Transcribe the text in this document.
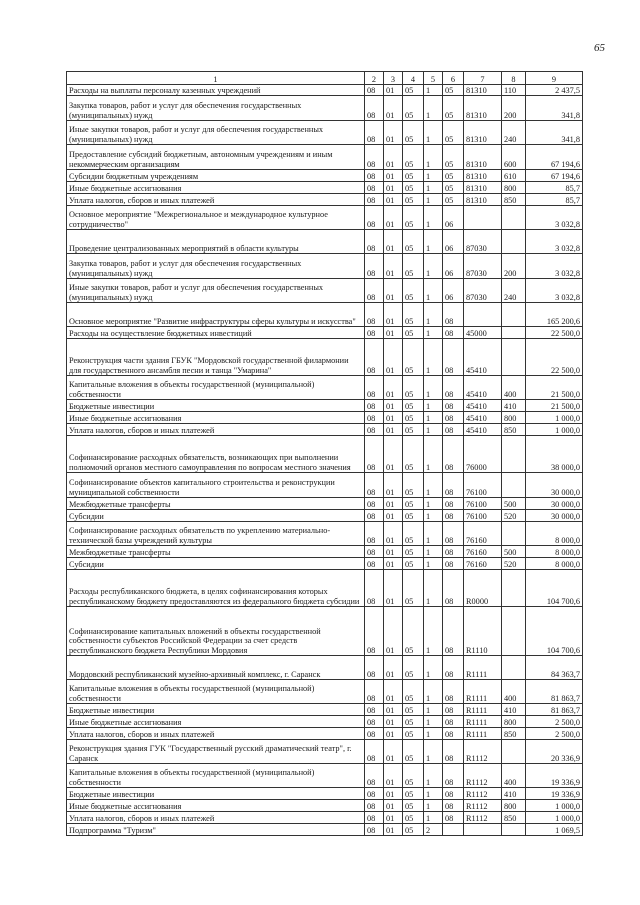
65
1	2	3	4	5	6	7	8	9
Расходы на выплаты персоналу казенных учреждений	08	01	05	1	05	81310	110	2 437,5
Закупка товаров, работ и услуг для обеспечения государственных (муниципальных) нужд	08	01	05	1	05	81310	200	341,8
Иные закупки товаров, работ и услуг для обеспечения государственных (муниципальных) нужд	08	01	05	1	05	81310	240	341,8
Предоставление субсидий бюджетным, автономным учреждениям и иным некоммерческим организациям	08	01	05	1	05	81310	600	67 194,6
Субсидии бюджетным учреждениям	08	01	05	1	05	81310	610	67 194,6
Иные бюджетные ассигнования	08	01	05	1	05	81310	800	85,7
Уплата налогов, сборов и иных платежей	08	01	05	1	05	81310	850	85,7
Основное мероприятие "Межрегиональное и международное культурное сотрудничество"	08	01	05	1	06			3 032,8
Проведение централизованных мероприятий в области культуры	08	01	05	1	06	87030		3 032,8
Закупка товаров, работ и услуг для обеспечения государственных (муниципальных) нужд	08	01	05	1	06	87030	200	3 032,8
Иные закупки товаров, работ и услуг для обеспечения государственных (муниципальных) нужд	08	01	05	1	06	87030	240	3 032,8
Основное мероприятие "Развитие инфраструктуры сферы культуры и искусства"	08	01	05	1	08			165 200,6
Расходы на осуществление бюджетных инвестиций	08	01	05	1	08	45000		22 500,0
Реконструкция части здания ГБУК "Мордовской государственной филармонии для государственного ансамбля песни и танца "Умарина"	08	01	05	1	08	45410		22 500,0
Капитальные вложения в объекты государственной (муниципальной) собственности	08	01	05	1	08	45410	400	21 500,0
Бюджетные инвестиции	08	01	05	1	08	45410	410	21 500,0
Иные бюджетные ассигнования	08	01	05	1	08	45410	800	1 000,0
Уплата налогов, сборов и иных платежей	08	01	05	1	08	45410	850	1 000,0
Софинансирование расходных обязательств, возникающих при выполнении полномочий органов местного самоуправления по вопросам местного значения	08	01	05	1	08	76000		38 000,0
Софинансирование объектов капитального строительства и реконструкции муниципальной собственности	08	01	05	1	08	76100		30 000,0
Межбюджетные трансферты	08	01	05	1	08	76100	500	30 000,0
Субсидии	08	01	05	1	08	76100	520	30 000,0
Софинансирование расходных обязательств по укреплению материально-технической базы учреждений культуры	08	01	05	1	08	76160		8 000,0
Межбюджетные трансферты	08	01	05	1	08	76160	500	8 000,0
Субсидии	08	01	05	1	08	76160	520	8 000,0
Расходы республиканского бюджета, в целях софинансирования которых республиканскому бюджету предоставляются из федерального бюджета субсидии	08	01	05	1	08	R0000		104 700,6
Софинансирование капитальных вложений в объекты государственной собственности субъектов Российской Федерации за счет средств республиканского бюджета Республики Мордовия	08	01	05	1	08	R1110		104 700,6
Мордовский республиканский музейно-архивный комплекс, г. Саранск	08	01	05	1	08	R1111		84 363,7
Капитальные вложения в объекты государственной (муниципальной) собственности	08	01	05	1	08	R1111	400	81 863,7
Бюджетные инвестиции	08	01	05	1	08	R1111	410	81 863,7
Иные бюджетные ассигнования	08	01	05	1	08	R1111	800	2 500,0
Уплата налогов, сборов и иных платежей	08	01	05	1	08	R1111	850	2 500,0
Реконструкция здания ГУК "Государственный русский драматический театр", г. Саранск	08	01	05	1	08	R1112		20 336,9
Капитальные вложения в объекты государственной (муниципальной) собственности	08	01	05	1	08	R1112	400	19 336,9
Бюджетные инвестиции	08	01	05	1	08	R1112	410	19 336,9
Иные бюджетные ассигнования	08	01	05	1	08	R1112	800	1 000,0
Уплата налогов, сборов и иных платежей	08	01	05	1	08	R1112	850	1 000,0
Подпрограмма "Туризм"	08	01	05	2				1 069,5
